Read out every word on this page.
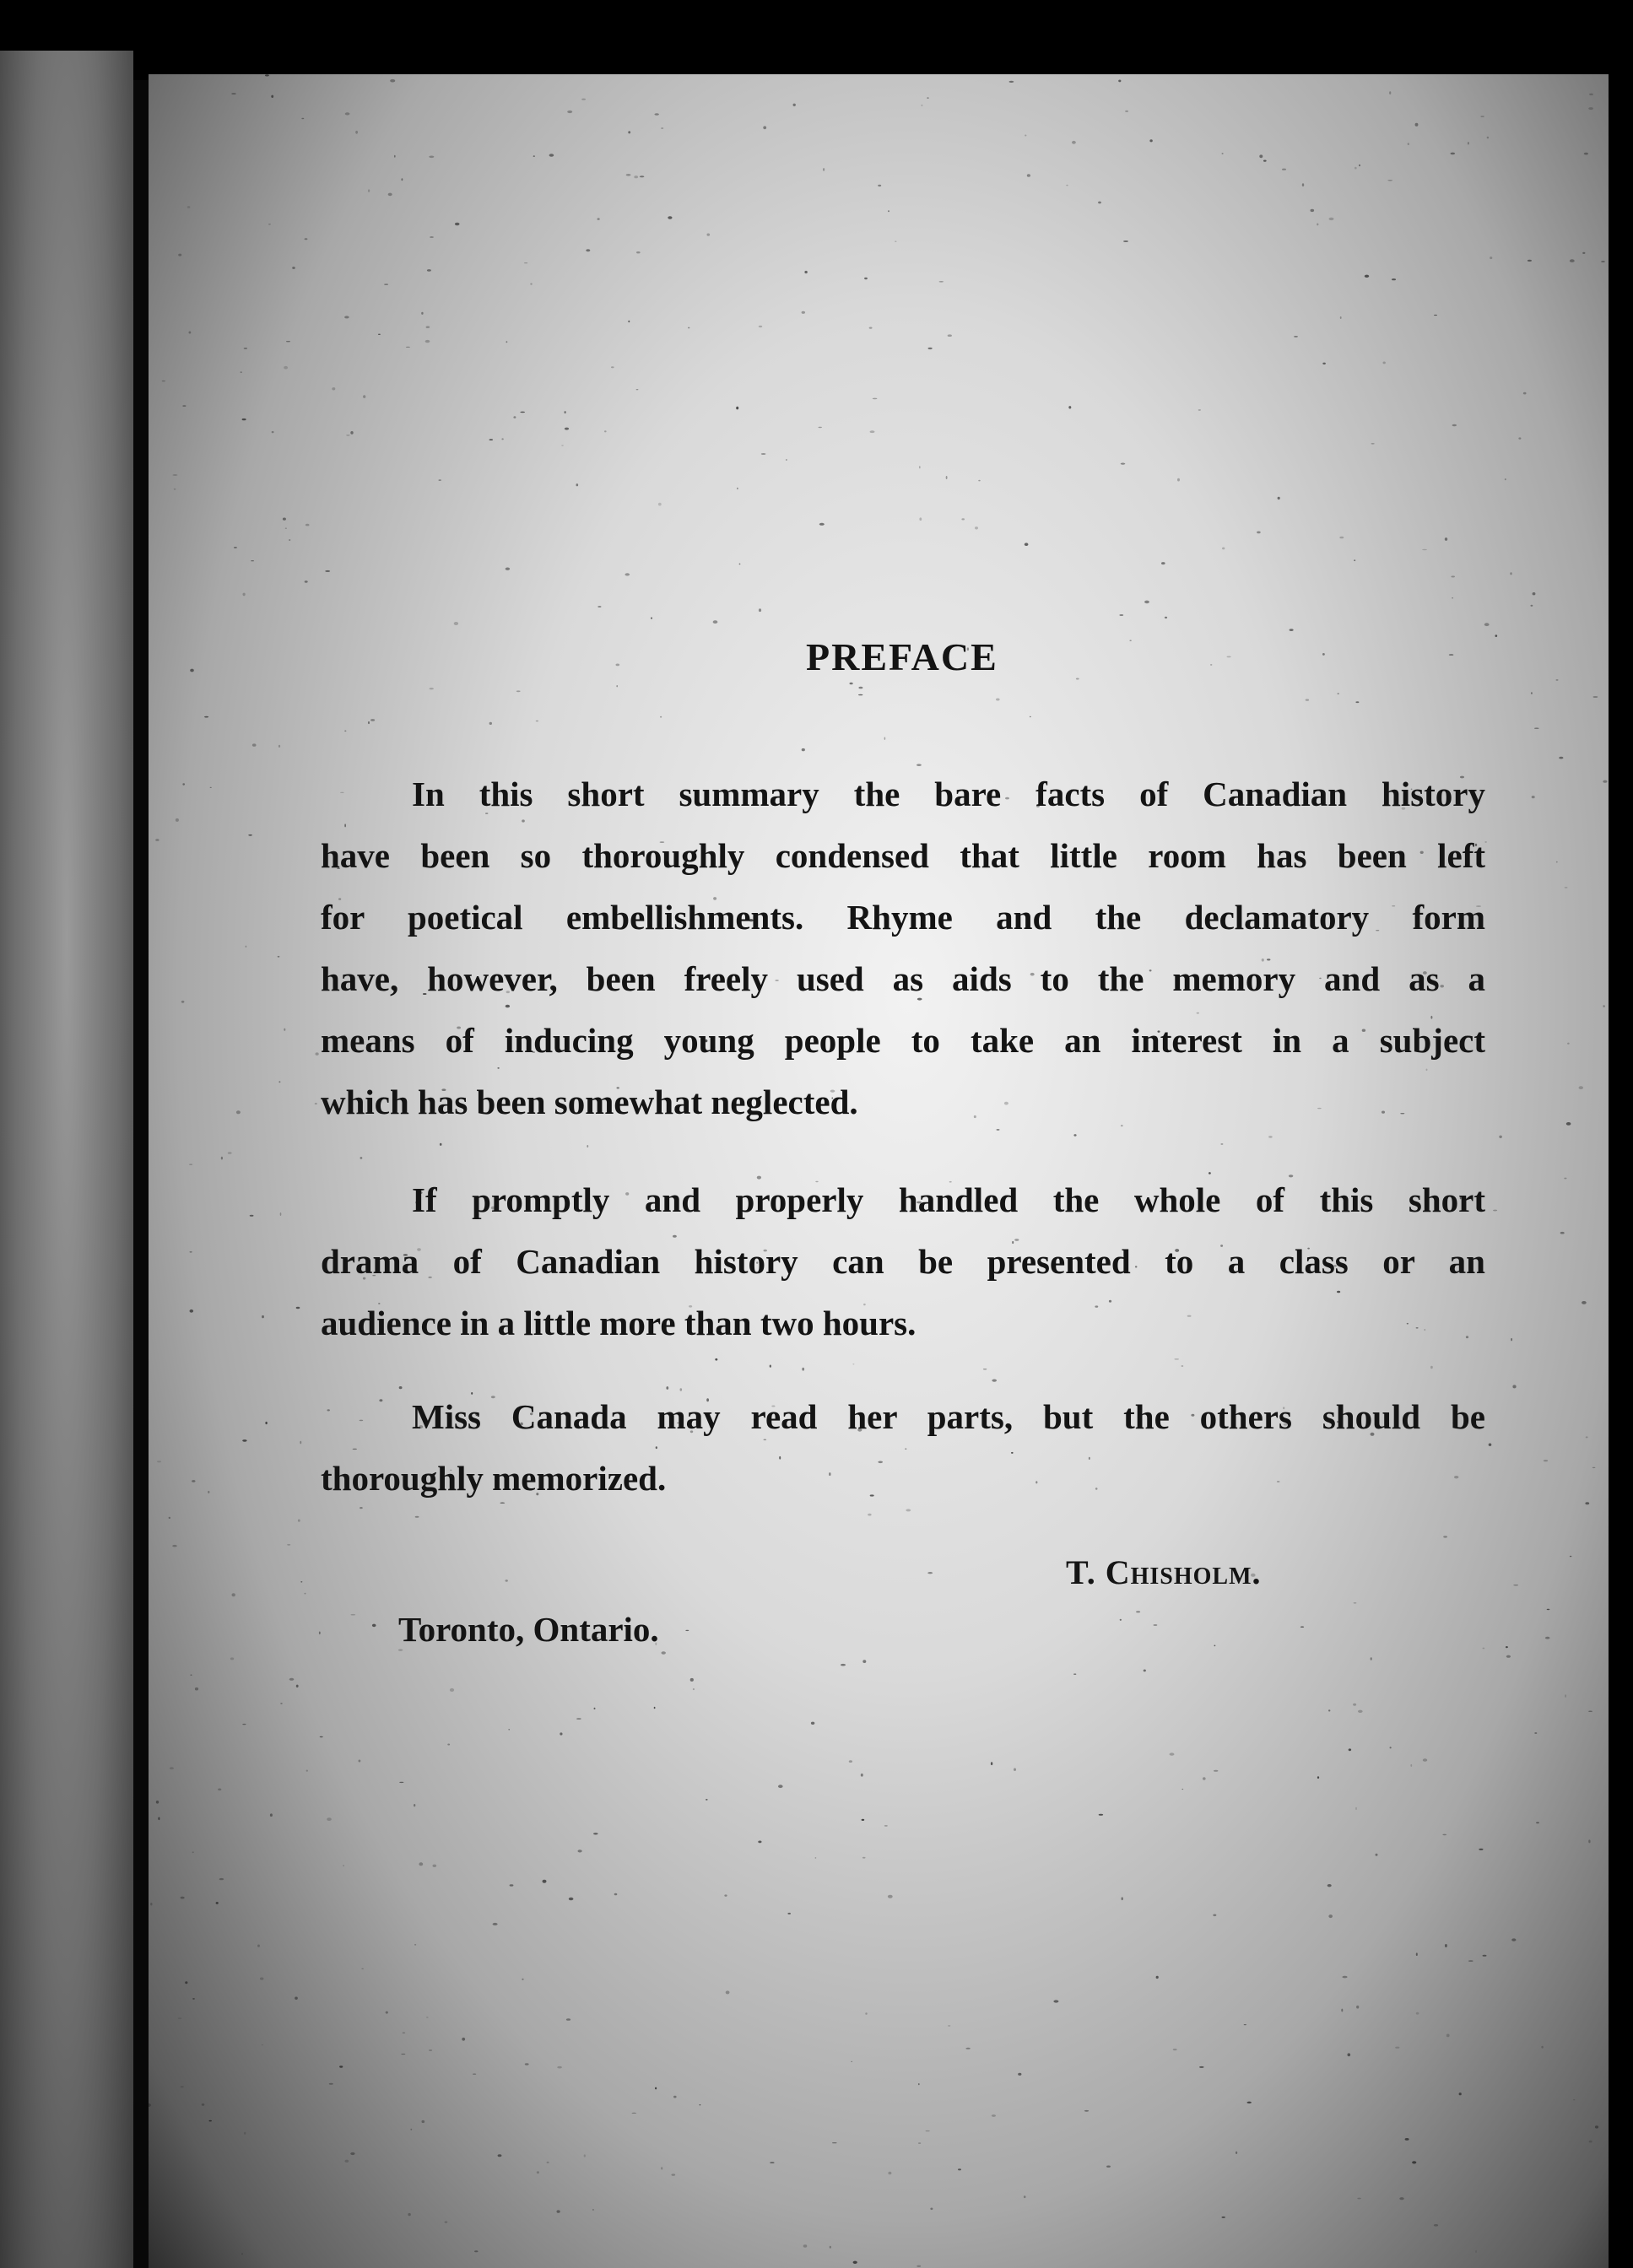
PREFACE
In this short summary the bare facts of Canadian history
have been so thoroughly condensed that little room has been left
for poetical embellishments. Rhyme and the declamatory form
have, however, been freely used as aids to the memory and as a
means of inducing young people to take an interest in a subject
which has been somewhat neglected.
If promptly and properly handled the whole of this short
drama of Canadian history can be presented to a class or an
audience in a little more than two hours.
Miss Canada may read her parts, but the others should be
thoroughly memorized.
T. Chisholm.
Toronto, Ontario.
